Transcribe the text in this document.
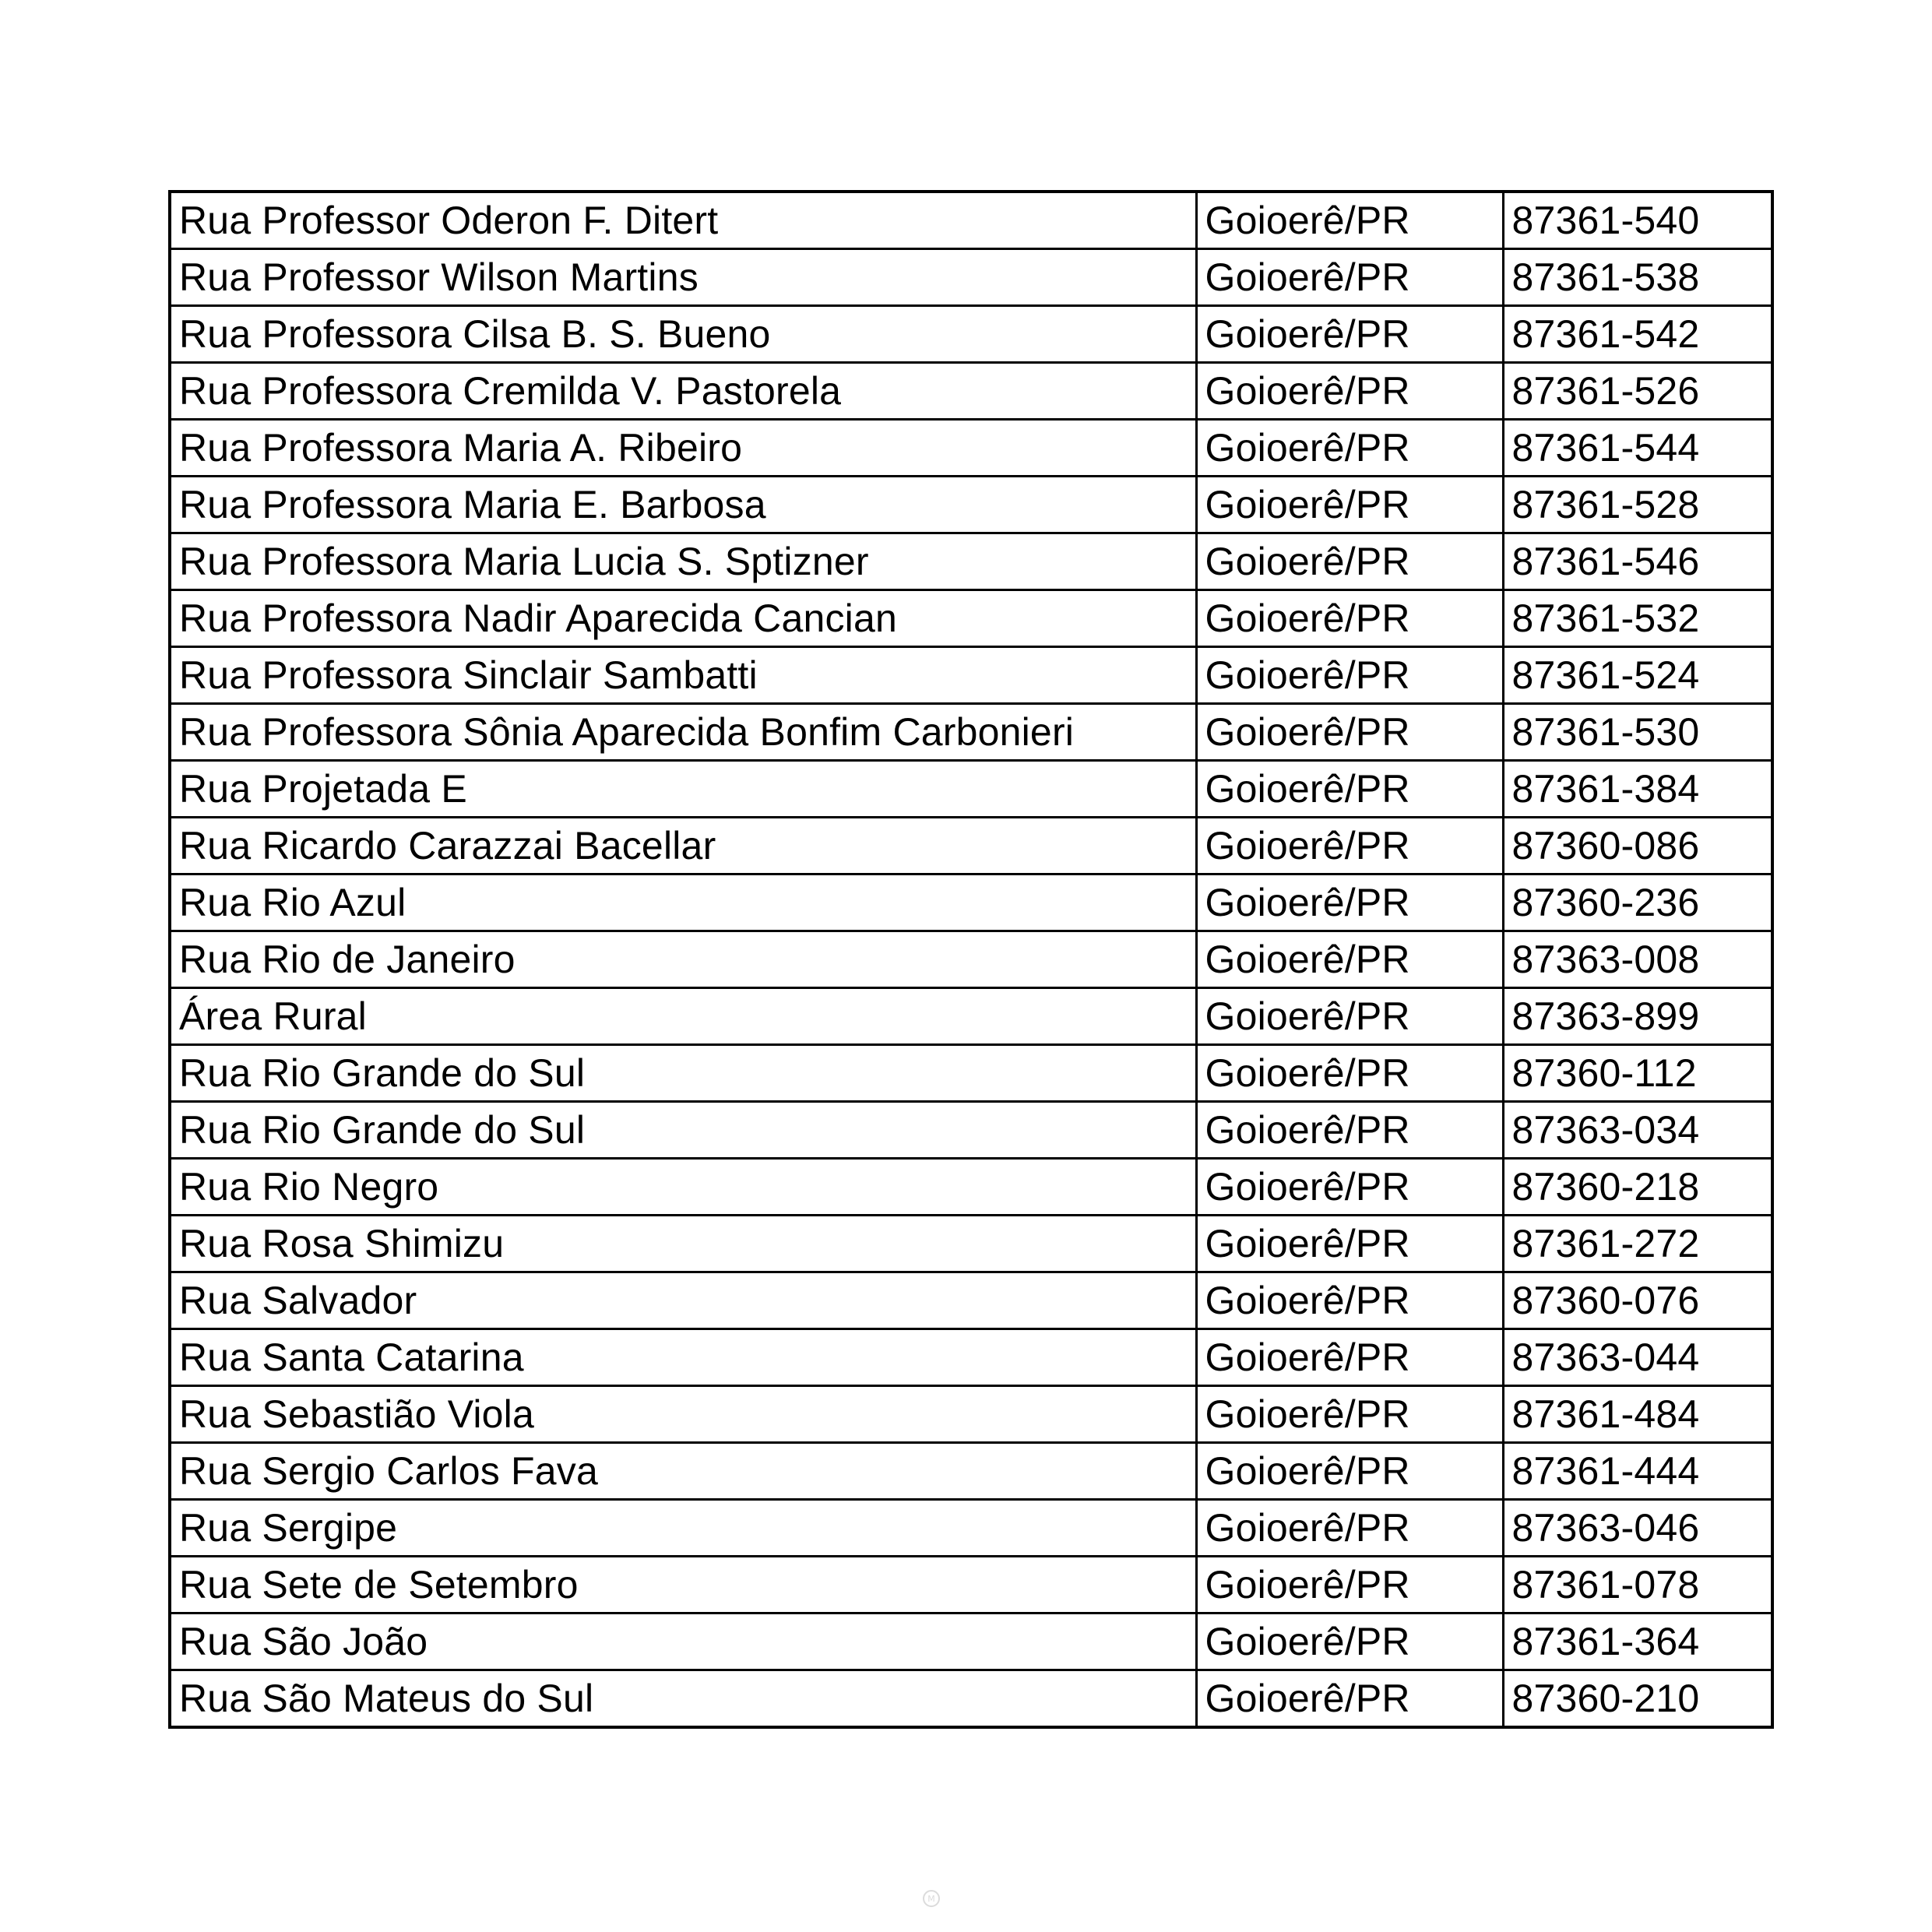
Rua Professor Oderon F. Ditert	Goioerê/PR	87361-540
Rua Professor Wilson Martins	Goioerê/PR	87361-538
Rua Professora Cilsa B. S. Bueno	Goioerê/PR	87361-542
Rua Professora Cremilda V. Pastorela	Goioerê/PR	87361-526
Rua Professora Maria A. Ribeiro	Goioerê/PR	87361-544
Rua Professora Maria E. Barbosa	Goioerê/PR	87361-528
Rua Professora Maria Lucia S. Sptizner	Goioerê/PR	87361-546
Rua Professora Nadir Aparecida Cancian	Goioerê/PR	87361-532
Rua Professora Sinclair Sambatti	Goioerê/PR	87361-524
Rua Professora Sônia Aparecida Bonfim Carbonieri	Goioerê/PR	87361-530
Rua Projetada E	Goioerê/PR	87361-384
Rua Ricardo Carazzai Bacellar	Goioerê/PR	87360-086
Rua Rio Azul	Goioerê/PR	87360-236
Rua Rio de Janeiro	Goioerê/PR	87363-008
Área Rural	Goioerê/PR	87363-899
Rua Rio Grande do Sul	Goioerê/PR	87360-112
Rua Rio Grande do Sul	Goioerê/PR	87363-034
Rua Rio Negro	Goioerê/PR	87360-218
Rua Rosa Shimizu	Goioerê/PR	87361-272
Rua Salvador	Goioerê/PR	87360-076
Rua Santa Catarina	Goioerê/PR	87363-044
Rua Sebastião Viola	Goioerê/PR	87361-484
Rua Sergio Carlos Fava	Goioerê/PR	87361-444
Rua Sergipe	Goioerê/PR	87363-046
Rua Sete de Setembro	Goioerê/PR	87361-078
Rua São João	Goioerê/PR	87361-364
Rua São Mateus do Sul	Goioerê/PR	87360-210
M
